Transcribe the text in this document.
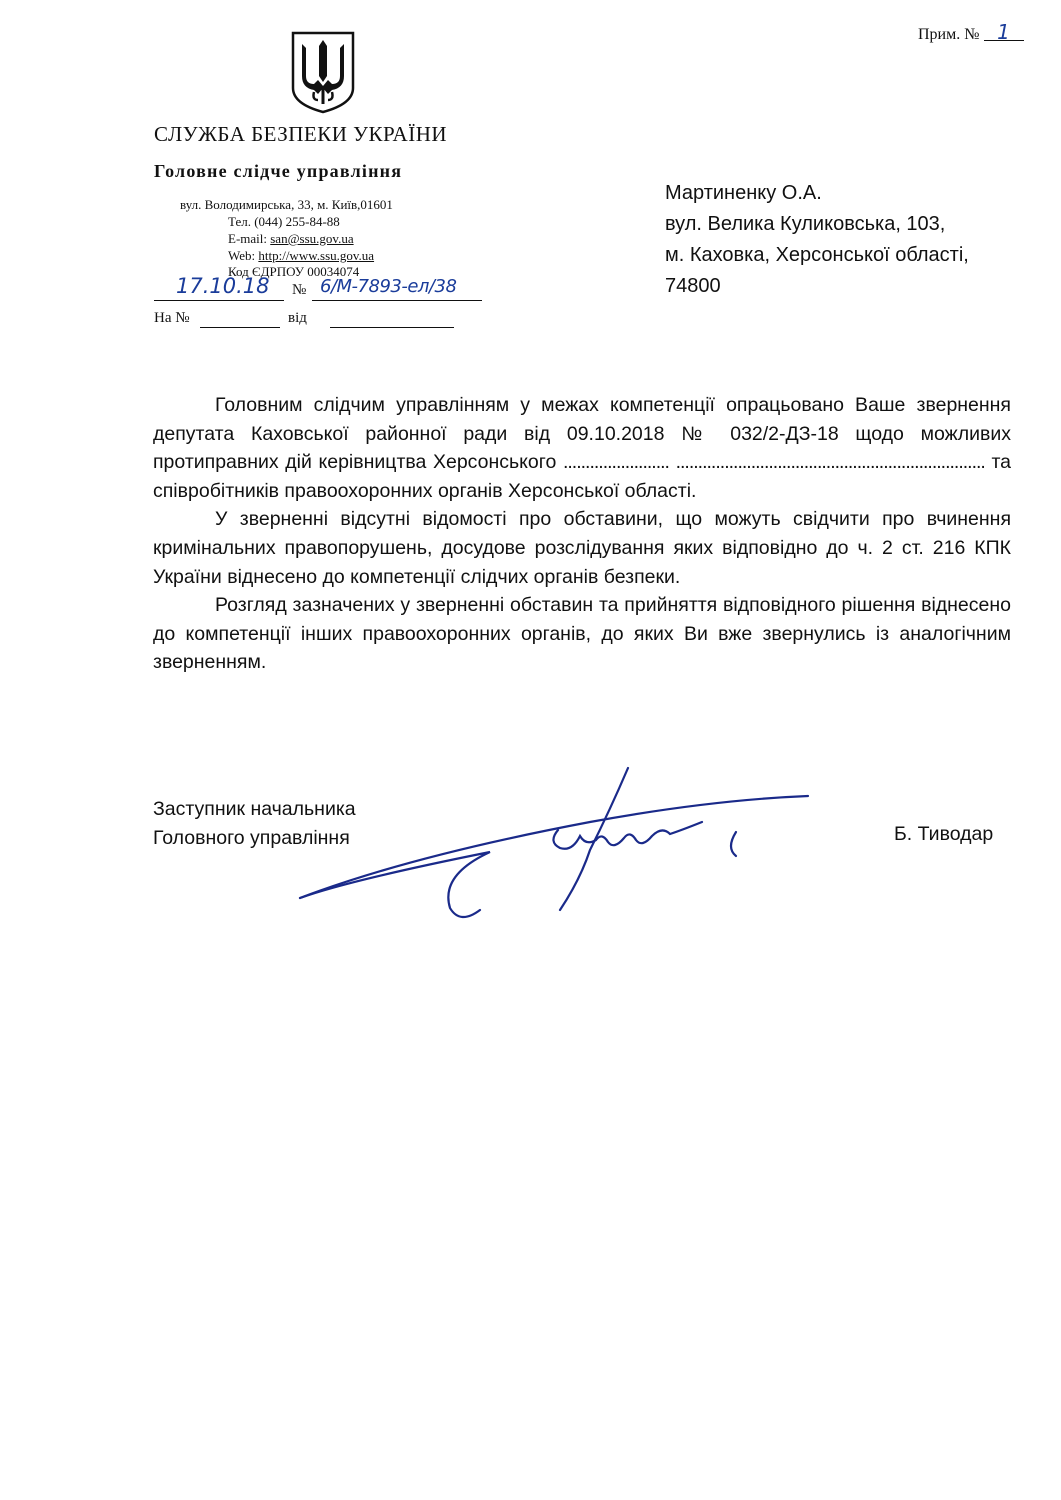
Прим. № 1
СЛУЖБА БЕЗПЕКИ УКРАЇНИ
Головне слідче управління
вул. Володимирська, 33, м. Київ,01601
Тел. (044) 255-84-88
E-mail: san@ssu.gov.ua
Web: http://www.ssu.gov.ua
Код ЄДРПОУ 00034074
17.10.18 № 6/М-7893-ел/38
На №	від
Мартиненку О.А.
вул. Велика Куликовська, 103,
м. Каховка, Херсонської області,
74800

Головним слідчим управлінням у межах компетенції опрацьовано Ваше звернення депутата Каховської районної ради від 09.10.2018 № 032/2-ДЗ-18 щодо можливих протиправних дій керівництва Херсонського ........................ ...................................................................... та співробітників правоохоронних органів Херсонської області.

У зверненні відсутні відомості про обставини, що можуть свідчити про вчинення кримінальних правопорушень, досудове розслідування яких відповідно до ч. 2 ст. 216 КПК України віднесено до компетенції слідчих органів безпеки.

Розгляд зазначених у зверненні обставин та прийняття відповідного рішення віднесено до компетенції інших правоохоронних органів, до яких Ви вже звернулись із аналогічним зверненням.

Заступник начальника
Головного управління	Б. Тиводар
